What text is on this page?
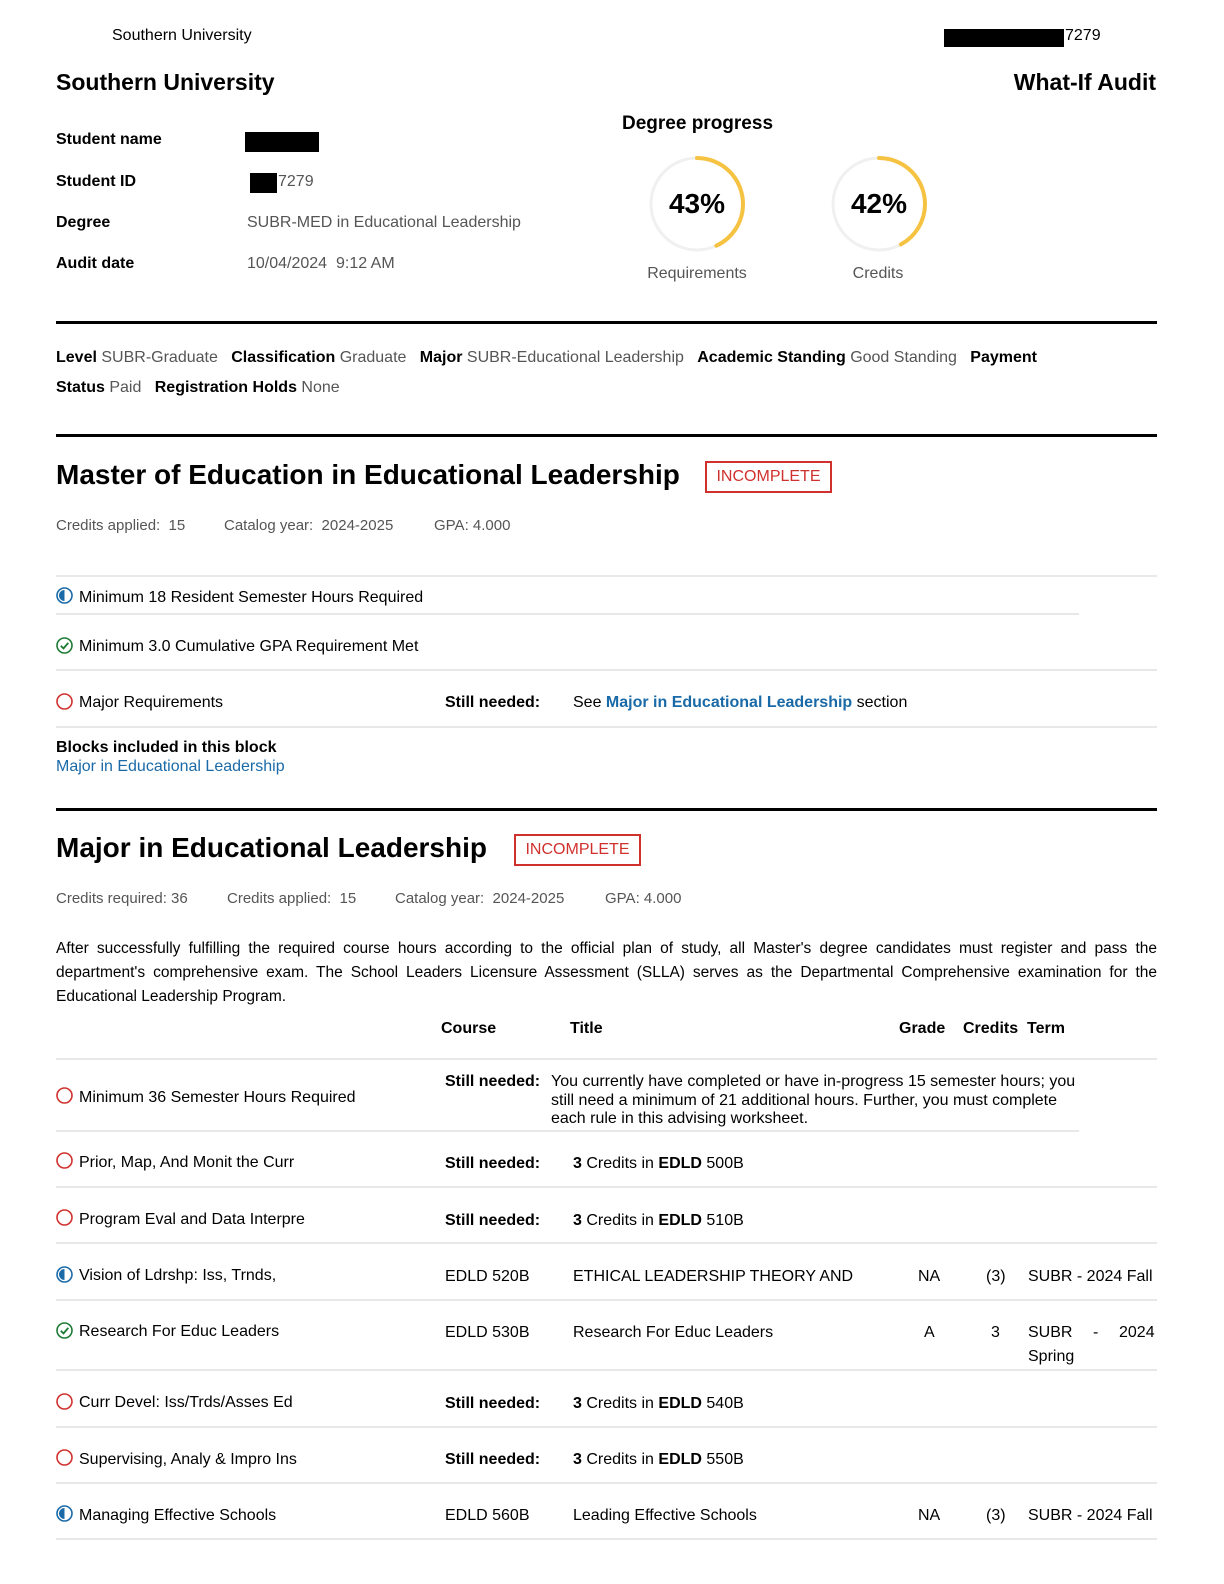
Southern University	7279
Southern University	What-If Audit
Student name
Student ID	7279
Degree	SUBR-MED in Educational Leadership
Audit date	10/04/2024  9:12 AM
Degree progress
43%
Requirements
42%
Credits
Level SUBR-Graduate Classification Graduate Major SUBR-Educational Leadership Academic Standing Good Standing Payment
Status Paid Registration Holds None
Master of Education in Educational Leadership	INCOMPLETE
Credits applied:  15	Catalog year:  2024-2025	GPA: 4.000
Minimum 18 Resident Semester Hours Required
Minimum 3.0 Cumulative GPA Requirement Met
Major Requirements	Still needed: See Major in Educational Leadership section
Blocks included in this block
Major in Educational Leadership
Major in Educational Leadership	INCOMPLETE
Credits required: 36	Credits applied:  15	Catalog year:  2024-2025	GPA: 4.000
After successfully fulfilling the required course hours according to the official plan of study, all Master's degree candidates must register and pass the department's comprehensive exam. The School Leaders Licensure Assessment (SLLA) serves as the Departmental Comprehensive examination for the Educational Leadership Program.
Course	Title	Grade Credits Term
Minimum 36 Semester Hours Required
Still needed: You currently have completed or have in-progress 15 semester hours; you
still need a minimum of 21 additional hours. Further, you must complete
each rule in this advising worksheet.
Prior, Map, And Monit the Curr	Still needed: 3 Credits in EDLD 500B
Program Eval and Data Interpre	Still needed: 3 Credits in EDLD 510B
Vision of Ldrshp: Iss, Trnds,	EDLD 520B	ETHICAL LEADERSHIP THEORY AND	NA	(3) SUBR - 2024 Fall
Research For Educ Leaders	EDLD 530B	Research For Educ Leaders	A	3 SUBR - 2024
Spring
Curr Devel: Iss/Trds/Asses Ed	Still needed: 3 Credits in EDLD 540B
Supervising, Analy & Impro Ins	Still needed: 3 Credits in EDLD 550B
Managing Effective Schools	EDLD 560B	Leading Effective Schools	NA	(3) SUBR - 2024 Fall
